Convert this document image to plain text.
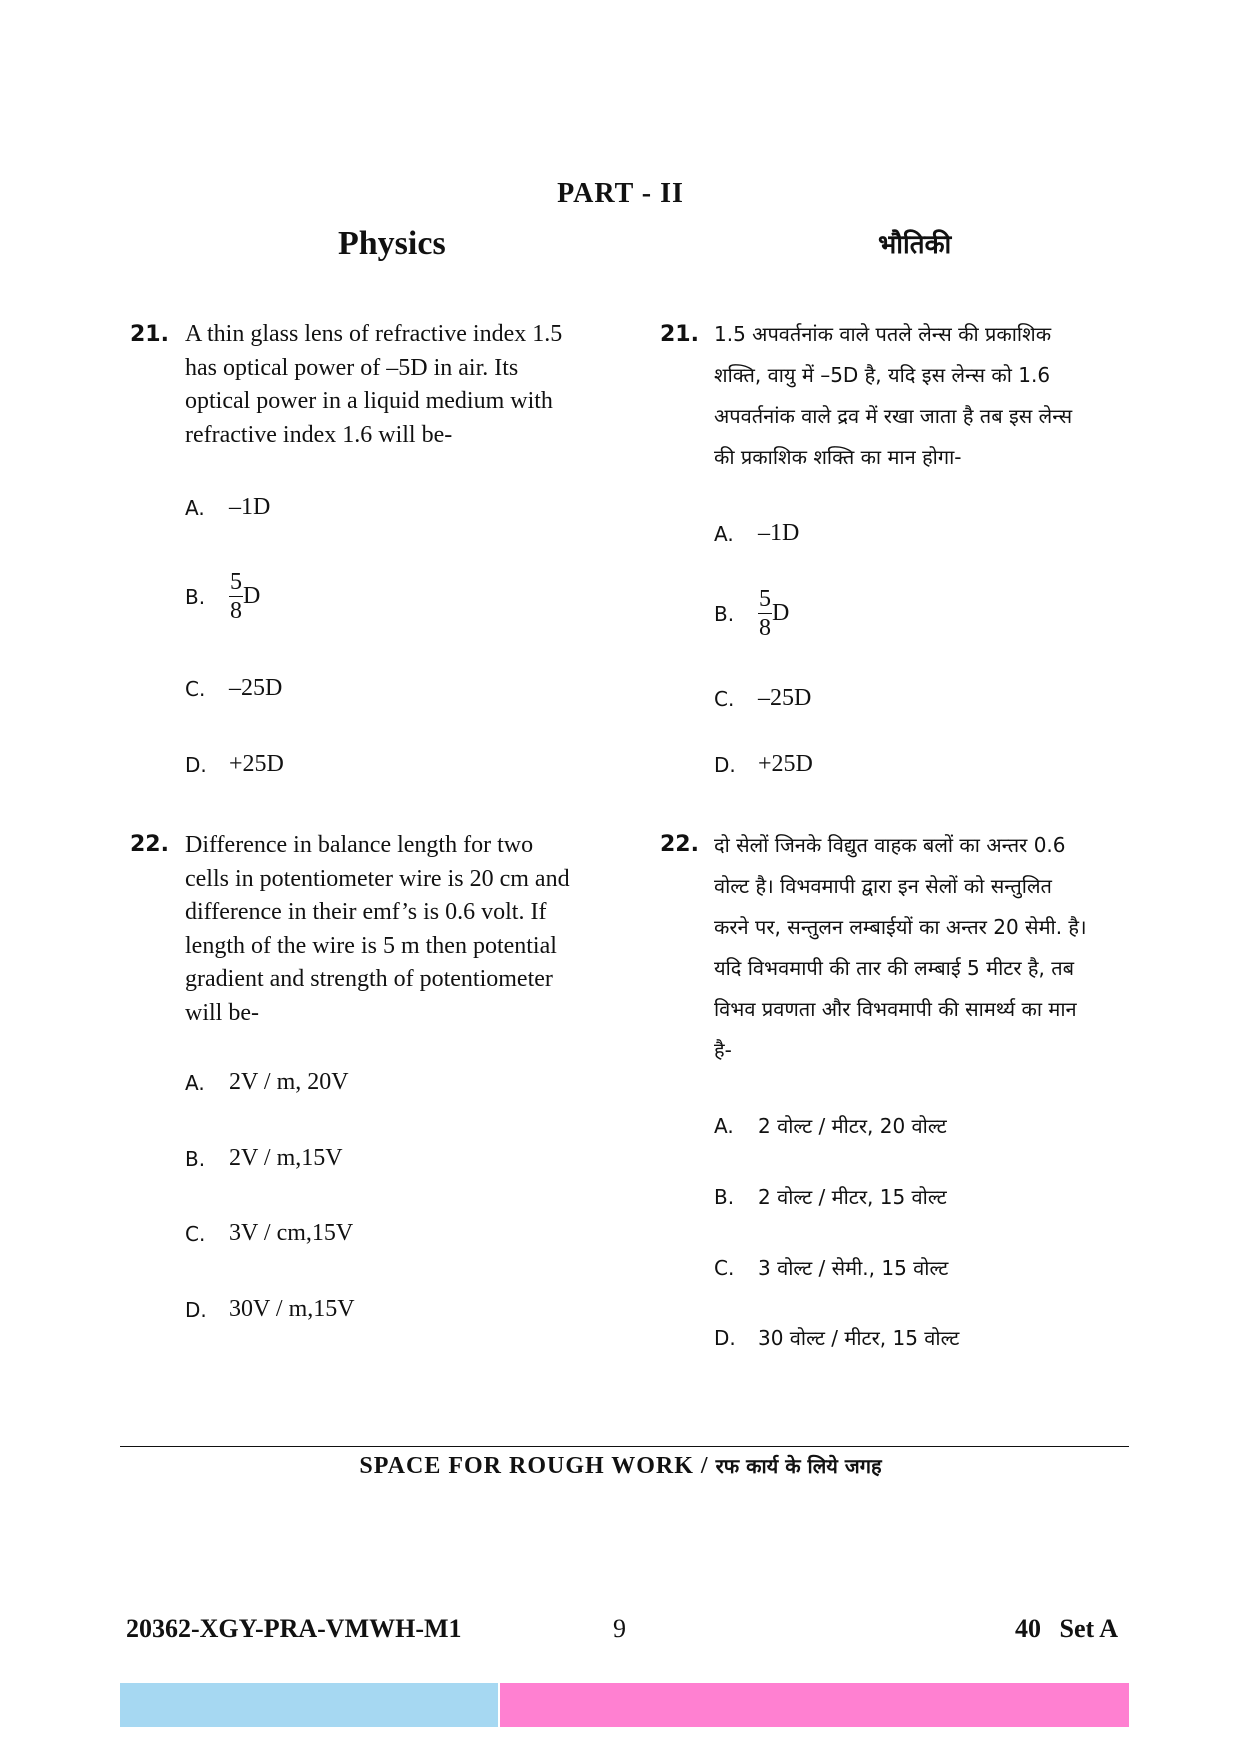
PART - II
Physics	भौतिकी
21. A thin glass lens of refractive index 1.5
has optical power of –5D in air. Its
optical power in a liquid medium with
refractive index 1.6 will be-
A.	–1D
B. $\frac{5}{8}$ D
C. –25D
D. +25D
22. Difference in balance length for two
cells in potentiometer wire is 20 cm and
difference in their emf’s is 0.6 volt. If
length of the wire is 5 m then potential
gradient and strength of potentiometer
will be-
A.	2V / m, 20V
B. 2V / m,15V
C. 3V / cm,15V
D. 30V / m,15V
21. 1.5 अपवर्तनांक वाले पतले लेन्स की प्रकाशिक
शक्ति, वायु में –5D है, यदि इस लेन्स को 1.6
अपवर्तनांक वाले द्रव में रखा जाता है तब इस लेन्स
की प्रकाशिक शक्ति का मान होगा-
A.	–1D
B. $\frac{5}{8}$ D
C. –25D
D. +25D
22. दो सेलों जिनके विद्युत वाहक बलों का अन्तर 0.6
वोल्ट है। विभवमापी द्वारा इन सेलों को सन्तुलित
करने पर, सन्तुलन लम्बाईयों का अन्तर 20 सेमी. है।
यदि विभवमापी की तार की लम्बाई 5 मीटर है, तब
विभव प्रवणता और विभवमापी की सामर्थ्य का मान
है-
A.	2 वोल्ट / मीटर, 20 वोल्ट
B.	2 वोल्ट / मीटर, 15 वोल्ट
C.	3 वोल्ट / सेमी., 15 वोल्ट
D.	30 वोल्ट / मीटर, 15 वोल्ट
SPACE FOR ROUGH WORK / रफ कार्य के लिये जगह
20362-XGY-PRA-VMWH-M1	9	40 Set A
